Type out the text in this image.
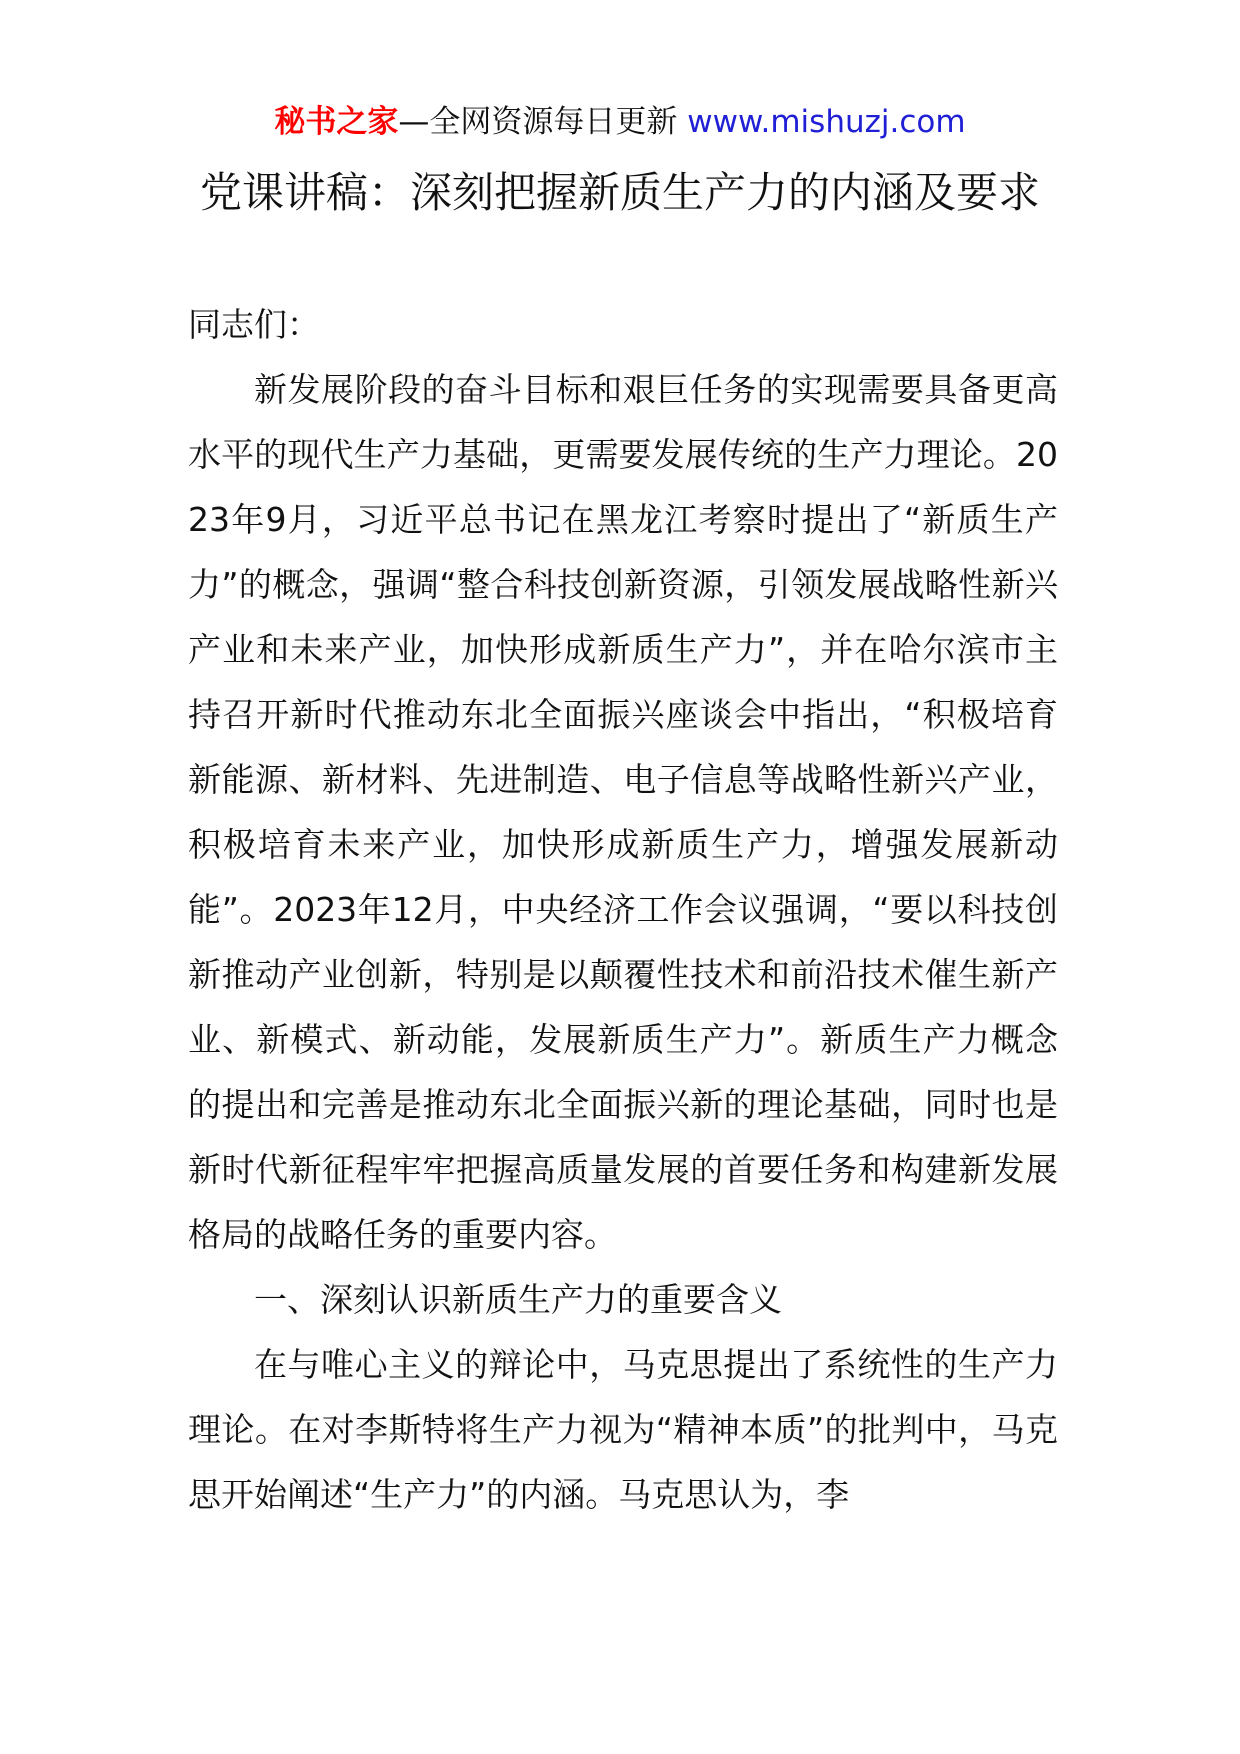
秘书之家—全网资源每日更新 www.mishuzj.com
党课讲稿：深刻把握新质生产力的内涵及要求

同志们：

新发展阶段的奋斗目标和艰巨任务的实现需要具备更高水平的现代生产力基础，更需要发展传统的生产力理论。2023年9月，习近平总书记在黑龙江考察时提出了“新质生产力”的概念，强调“整合科技创新资源，引领发展战略性新兴产业和未来产业，加快形成新质生产力”，并在哈尔滨市主持召开新时代推动东北全面振兴座谈会中指出，“积极培育新能源、新材料、先进制造、电子信息等战略性新兴产业，积极培育未来产业，加快形成新质生产力，增强发展新动能”。2023年12月，中央经济工作会议强调，“要以科技创新推动产业创新，特别是以颠覆性技术和前沿技术催生新产业、新模式、新动能，发展新质生产力”。新质生产力概念的提出和完善是推动东北全面振兴新的理论基础，同时也是新时代新征程牢牢把握高质量发展的首要任务和构建新发展格局的战略任务的重要内容。

一、深刻认识新质生产力的重要含义

在与唯心主义的辩论中，马克思提出了系统性的生产力理论。在对李斯特将生产力视为“精神本质”的批判中，马克思开始阐述“生产力”的内涵。马克思认为，李
